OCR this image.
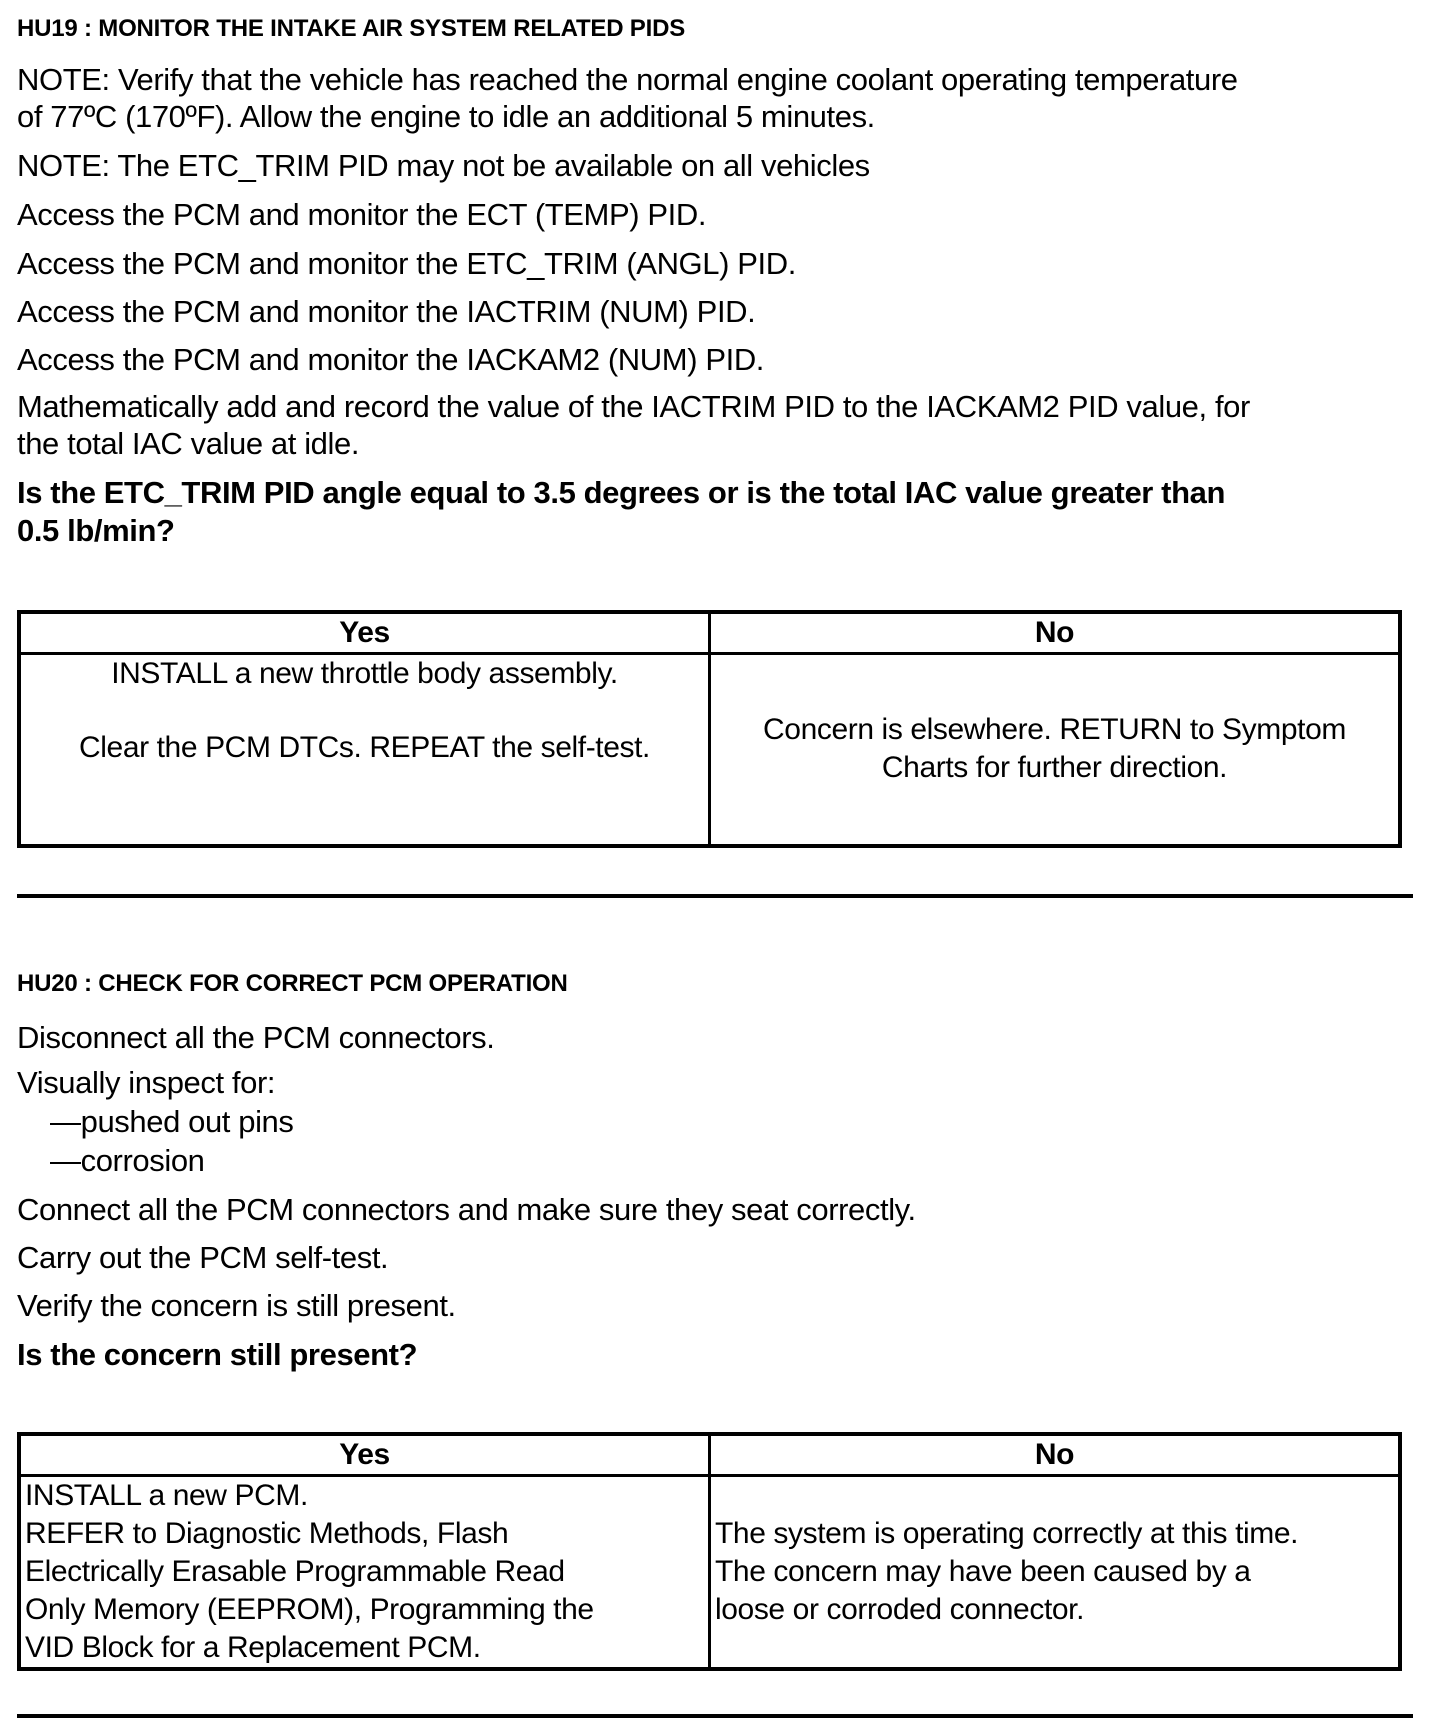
HU19 : MONITOR THE INTAKE AIR SYSTEM RELATED PIDS
NOTE: Verify that the vehicle has reached the normal engine coolant operating temperature
of 77ºC (170ºF). Allow the engine to idle an additional 5 minutes.
NOTE: The ETC_TRIM PID may not be available on all vehicles
Access the PCM and monitor the ECT (TEMP) PID.
Access the PCM and monitor the ETC_TRIM (ANGL) PID.
Access the PCM and monitor the IACTRIM (NUM) PID.
Access the PCM and monitor the IACKAM2 (NUM) PID.
Mathematically add and record the value of the IACTRIM PID to the IACKAM2 PID value, for
the total IAC value at idle.
Is the ETC_TRIM PID angle equal to 3.5 degrees or is the total IAC value greater than
0.5 lb/min?
Yes	No

INSTALL a new throttle body assembly.
Clear the PCM DTCs. REPEAT the self-test.	Concern is elsewhere. RETURN to Symptom
Charts for further direction.
HU20 : CHECK FOR CORRECT PCM OPERATION
Disconnect all the PCM connectors.
Visually inspect for:
—pushed out pins
—corrosion
Connect all the PCM connectors and make sure they seat correctly.
Carry out the PCM self-test.
Verify the concern is still present.
Is the concern still present?
Yes	No

INSTALL a new PCM.
REFER to Diagnostic Methods, Flash
Electrically Erasable Programmable Read
Only Memory (EEPROM), Programming the
VID Block for a Replacement PCM.	The system is operating correctly at this time.
The concern may have been caused by a
loose or corroded connector.
